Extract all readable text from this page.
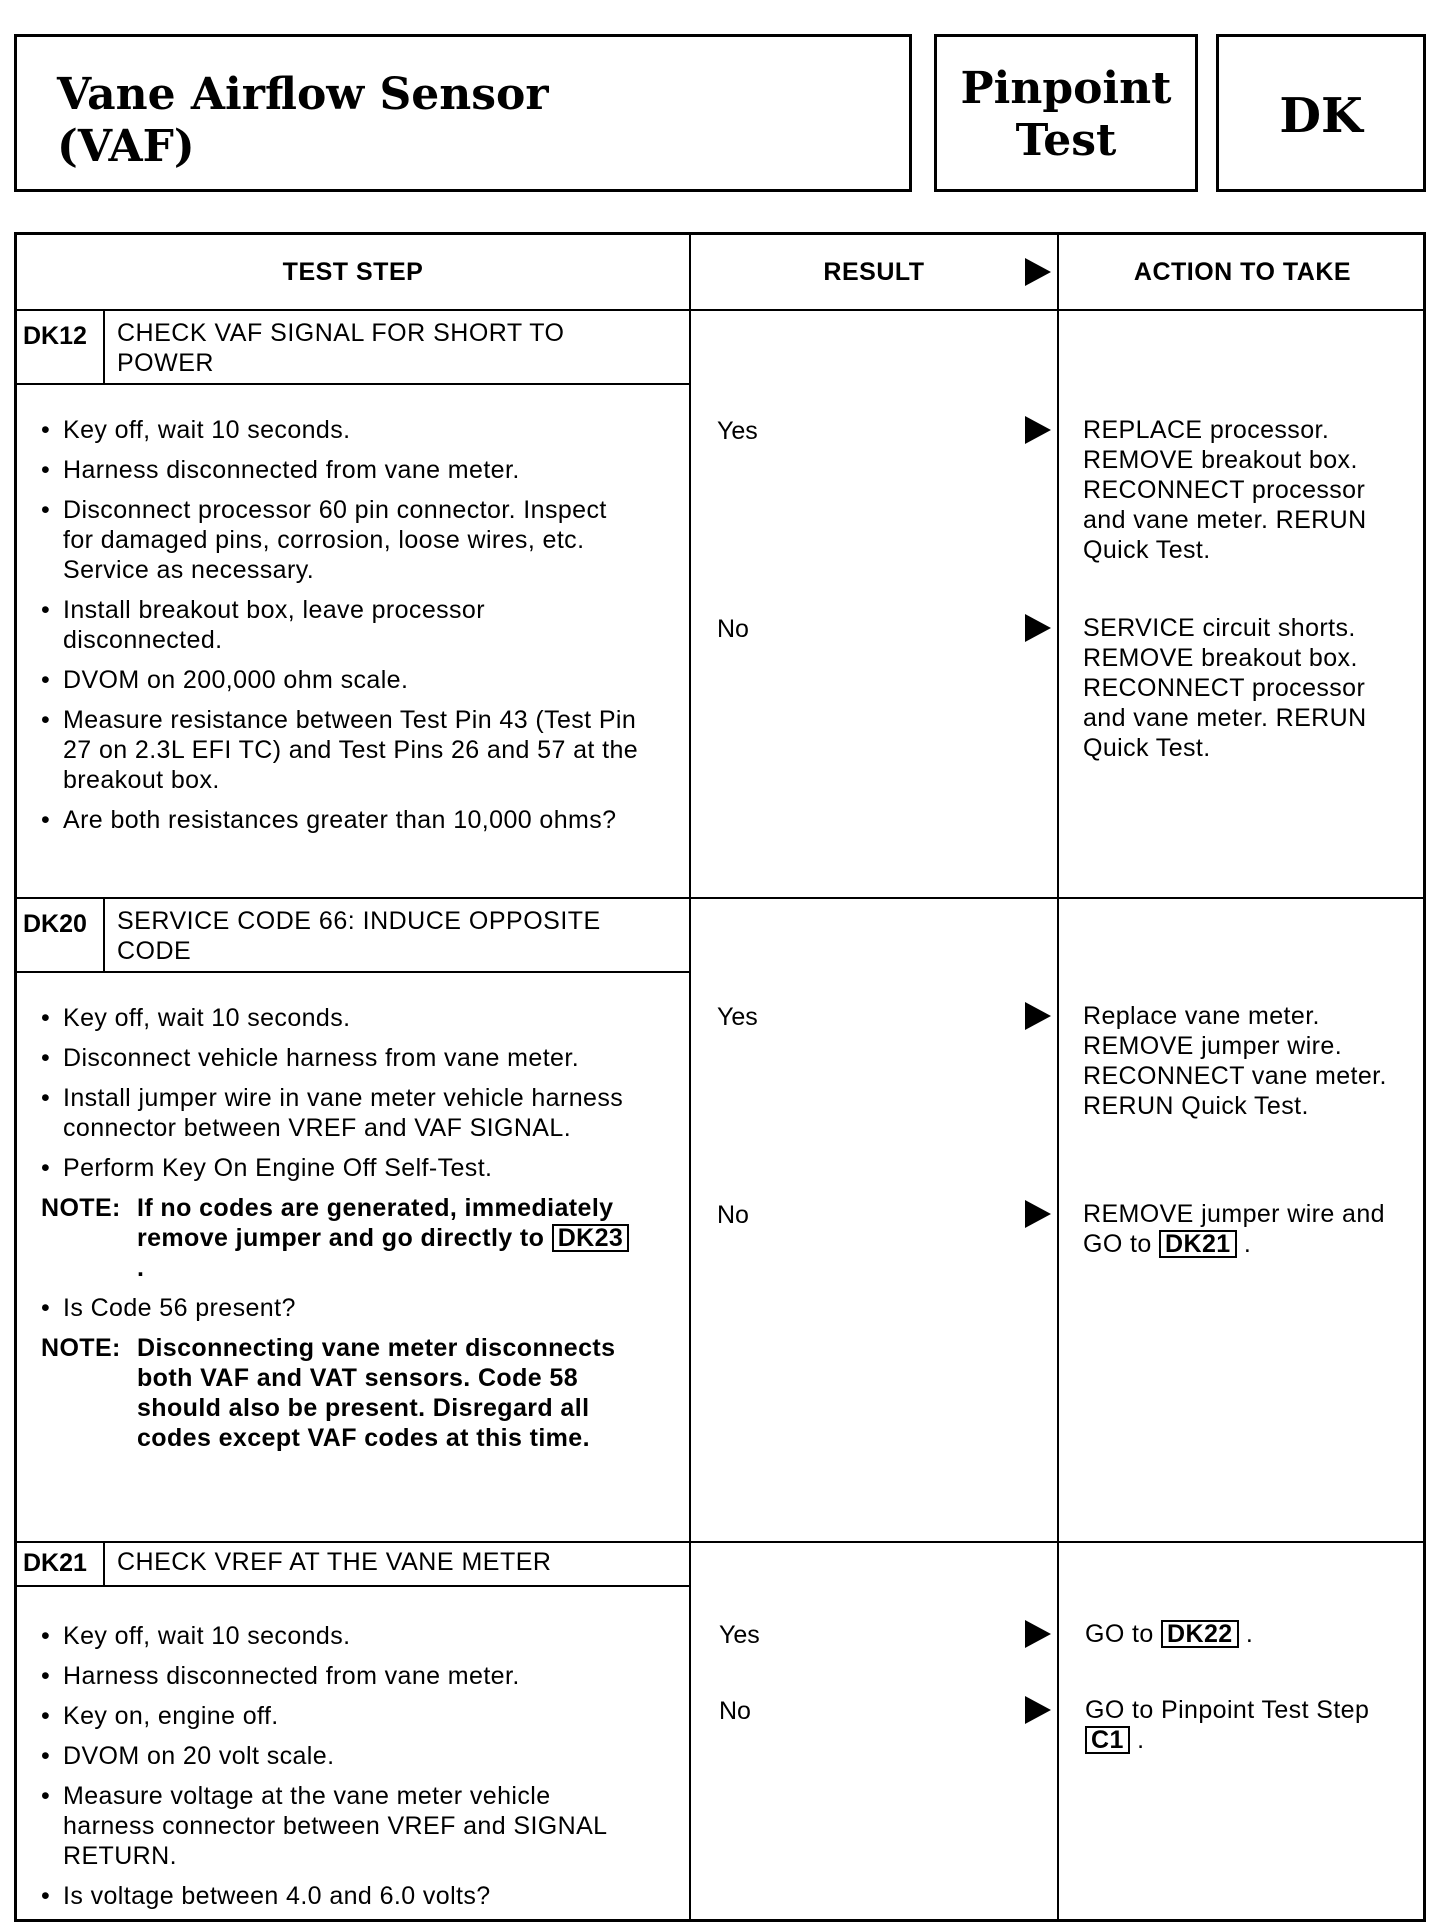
Vane Airflow Sensor
(VAF)
Pinpoint
Test	DK
TEST STEP	RESULT	ACTION TO TAKE
DK12 CHECK VAF SIGNAL FOR SHORT TO POWER
• Key off, wait 10 seconds.
• Harness disconnected from vane meter.
• Disconnect processor 60 pin connector. Inspect for damaged pins, corrosion, loose wires, etc. Service as necessary.
• Install breakout box, leave processor disconnected.
• DVOM on 200,000 ohm scale.
• Measure resistance between Test Pin 43 (Test Pin 27 on 2.3L EFI TC) and Test Pins 26 and 57 at the breakout box.
• Are both resistances greater than 10,000 ohms?
Yes	REPLACE processor. REMOVE breakout box. RECONNECT processor and vane meter. RERUN Quick Test.
No	SERVICE circuit shorts. REMOVE breakout box. RECONNECT processor and vane meter. RERUN Quick Test.
DK20 SERVICE CODE 66: INDUCE OPPOSITE CODE
• Key off, wait 10 seconds.
• Disconnect vehicle harness from vane meter.
• Install jumper wire in vane meter vehicle harness connector between VREF and VAF SIGNAL.
• Perform Key On Engine Off Self-Test.
NOTE: If no codes are generated, immediately remove jumper and go directly to DK23 .
• Is Code 56 present?
NOTE: Disconnecting vane meter disconnects both VAF and VAT sensors. Code 58 should also be present. Disregard all codes except VAF codes at this time.
Yes	Replace vane meter. REMOVE jumper wire. RECONNECT vane meter. RERUN Quick Test.
No	REMOVE jumper wire and GO to DK21 .
DK21 CHECK VREF AT THE VANE METER
• Key off, wait 10 seconds.
• Harness disconnected from vane meter.
• Key on, engine off.
• DVOM on 20 volt scale.
• Measure voltage at the vane meter vehicle harness connector between VREF and SIGNAL RETURN.
• Is voltage between 4.0 and 6.0 volts?
Yes	GO to DK22 .
No	GO to Pinpoint Test Step C1 .
